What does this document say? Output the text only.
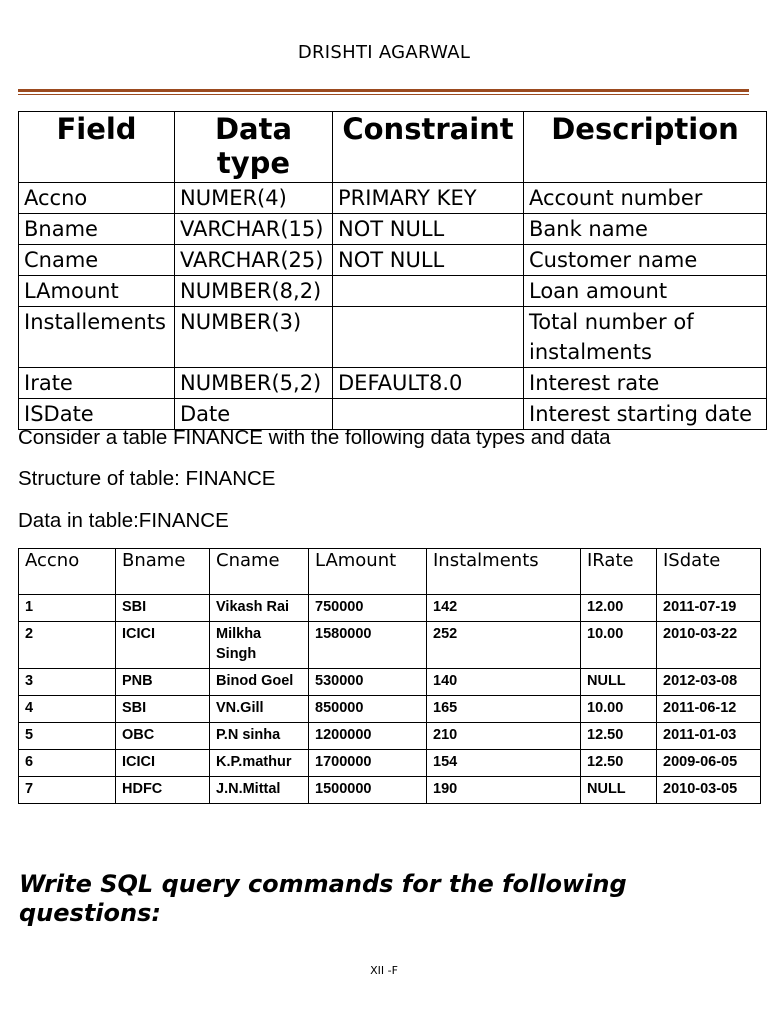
DRISHTI AGARWAL
Field	Data type	Constraint	Description
Accno	NUMER(4)	PRIMARY KEY	Account number
Bname	VARCHAR(15)	NOT NULL	Bank name
Cname	VARCHAR(25)	NOT NULL	Customer name
LAmount	NUMBER(8,2)		Loan amount
Installements	NUMBER(3)		Total number of instalments
Irate	NUMBER(5,2)	DEFAULT8.0	Interest rate
ISDate	Date		Interest starting date
Consider a table FINANCE with the following data types and data
Structure of table: FINANCE
Data in table:FINANCE
Accno	Bname	Cname	LAmount	Instalments	IRate	ISdate
1	SBI	Vikash Rai	750000	142	12.00	2011-07-19
2	ICICI	Milkha Singh	1580000	252	10.00	2010-03-22
3	PNB	Binod Goel	530000	140	NULL	2012-03-08
4	SBI	VN.Gill	850000	165	10.00	2011-06-12
5	OBC	P.N sinha	1200000	210	12.50	2011-01-03
6	ICICI	K.P.mathur	1700000	154	12.50	2009-06-05
7	HDFC	J.N.Mittal	1500000	190	NULL	2010-03-05
Write SQL query commands for the following questions:
XII -F
